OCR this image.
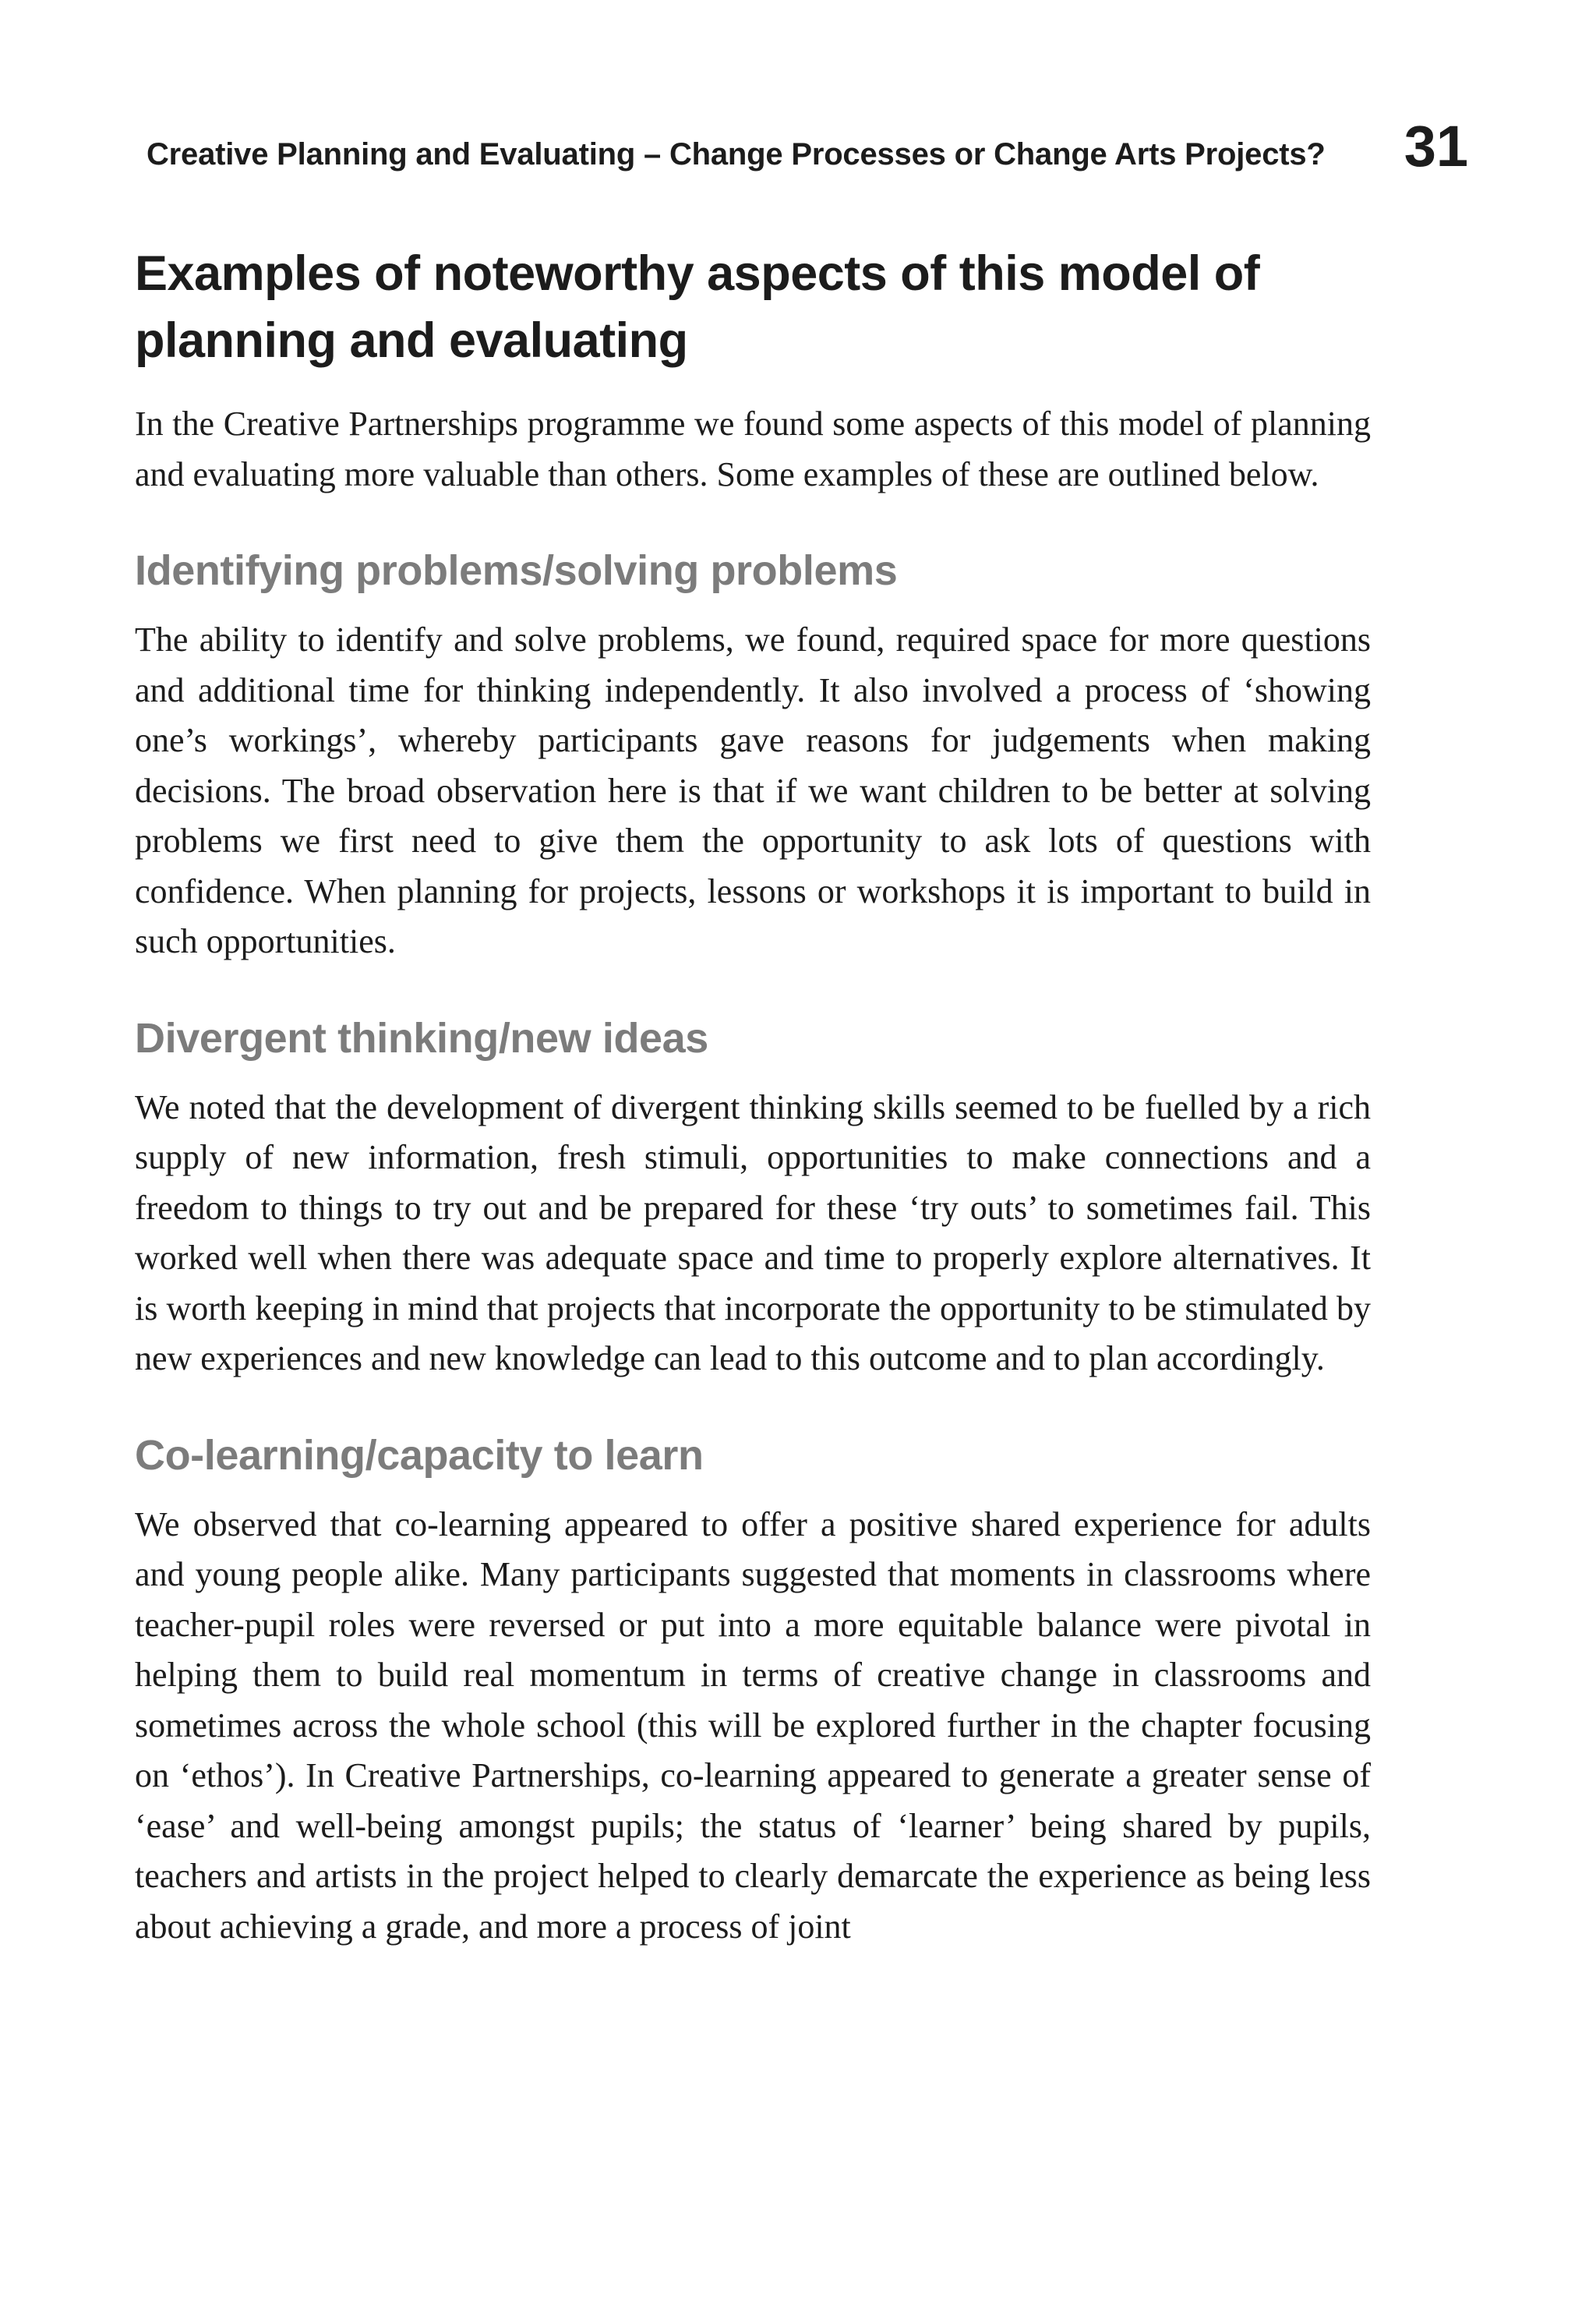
Creative Planning and Evaluating – Change Processes or Change Arts Projects? 31
Examples of noteworthy aspects of this model of planning and evaluating

In the Creative Partnerships programme we found some aspects of this model of planning and evaluating more valuable than others. Some examples of these are outlined below.

Identifying problems/solving problems

The ability to identify and solve problems, we found, required space for more questions and additional time for thinking independently. It also involved a process of ‘showing one’s workings’, whereby participants gave reasons for judgements when making decisions. The broad observation here is that if we want children to be better at solving problems we first need to give them the opportunity to ask lots of questions with confidence. When planning for projects, lessons or workshops it is important to build in such opportunities.

Divergent thinking/new ideas

We noted that the development of divergent thinking skills seemed to be fuelled by a rich supply of new information, fresh stimuli, opportunities to make connections and a freedom to things to try out and be prepared for these ‘try outs’ to sometimes fail. This worked well when there was adequate space and time to properly explore alternatives. It is worth keeping in mind that projects that incorporate the opportunity to be stimulated by new experiences and new knowledge can lead to this outcome and to plan accordingly.

Co-learning/capacity to learn

We observed that co-learning appeared to offer a positive shared experience for adults and young people alike. Many participants suggested that moments in classrooms where teacher-pupil roles were reversed or put into a more equitable balance were pivotal in helping them to build real momentum in terms of creative change in classrooms and sometimes across the whole school (this will be explored further in the chapter focusing on ‘ethos’). In Creative Partnerships, co-learning appeared to generate a greater sense of ‘ease’ and well-being amongst pupils; the status of ‘learner’ being shared by pupils, teachers and artists in the project helped to clearly demarcate the experience as being less about achieving a grade, and more a process of joint
